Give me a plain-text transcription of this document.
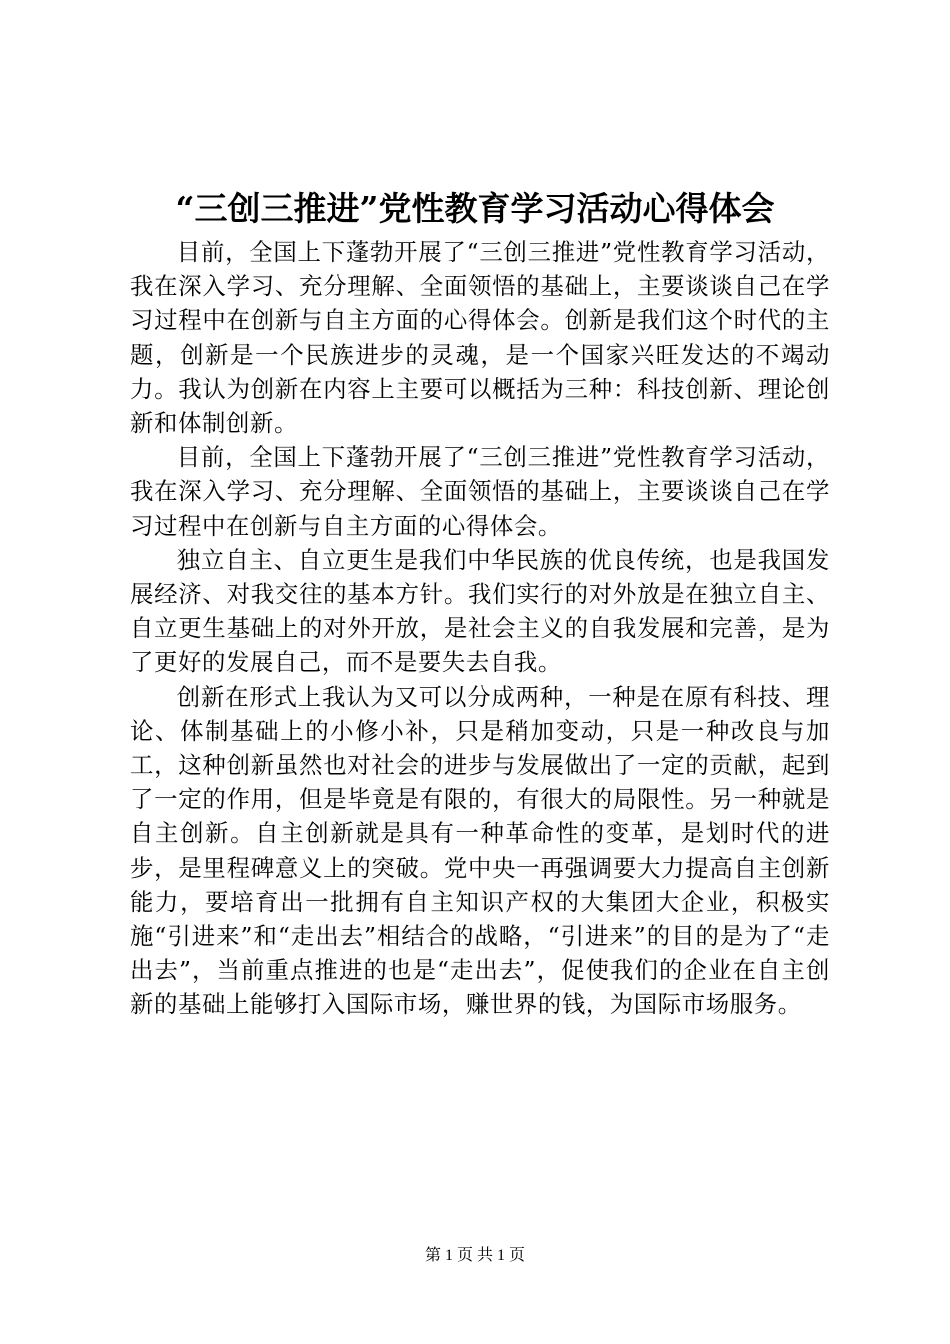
“三创三推进”党性教育学习活动心得体会

目前，全国上下蓬勃开展了“三创三推进”党性教育学习活动，我在深入学习、充分理解、全面领悟的基础上，主要谈谈自己在学习过程中在创新与自主方面的心得体会。创新是我们这个时代的主题，创新是一个民族进步的灵魂，是一个国家兴旺发达的不竭动力。我认为创新在内容上主要可以概括为三种：科技创新、理论创新和体制创新。

目前，全国上下蓬勃开展了“三创三推进”党性教育学习活动，我在深入学习、充分理解、全面领悟的基础上，主要谈谈自己在学习过程中在创新与自主方面的心得体会。

独立自主、自立更生是我们中华民族的优良传统，也是我国发展经济、对我交往的基本方针。我们实行的对外放是在独立自主、自立更生基础上的对外开放，是社会主义的自我发展和完善，是为了更好的发展自己，而不是要失去自我。

创新在形式上我认为又可以分成两种，一种是在原有科技、理论、体制基础上的小修小补，只是稍加变动，只是一种改良与加工，这种创新虽然也对社会的进步与发展做出了一定的贡献，起到了一定的作用，但是毕竟是有限的，有很大的局限性。另一种就是自主创新。自主创新就是具有一种革命性的变革，是划时代的进步，是里程碑意义上的突破。党中央一再强调要大力提高自主创新能力，要培育出一批拥有自主知识产权的大集团大企业，积极实施“引进来”和“走出去”相结合的战略，“引进来”的目的是为了“走出去”，当前重点推进的也是“走出去”，促使我们的企业在自主创新的基础上能够打入国际市场，赚世界的钱，为国际市场服务。

第 1 页 共 1 页
